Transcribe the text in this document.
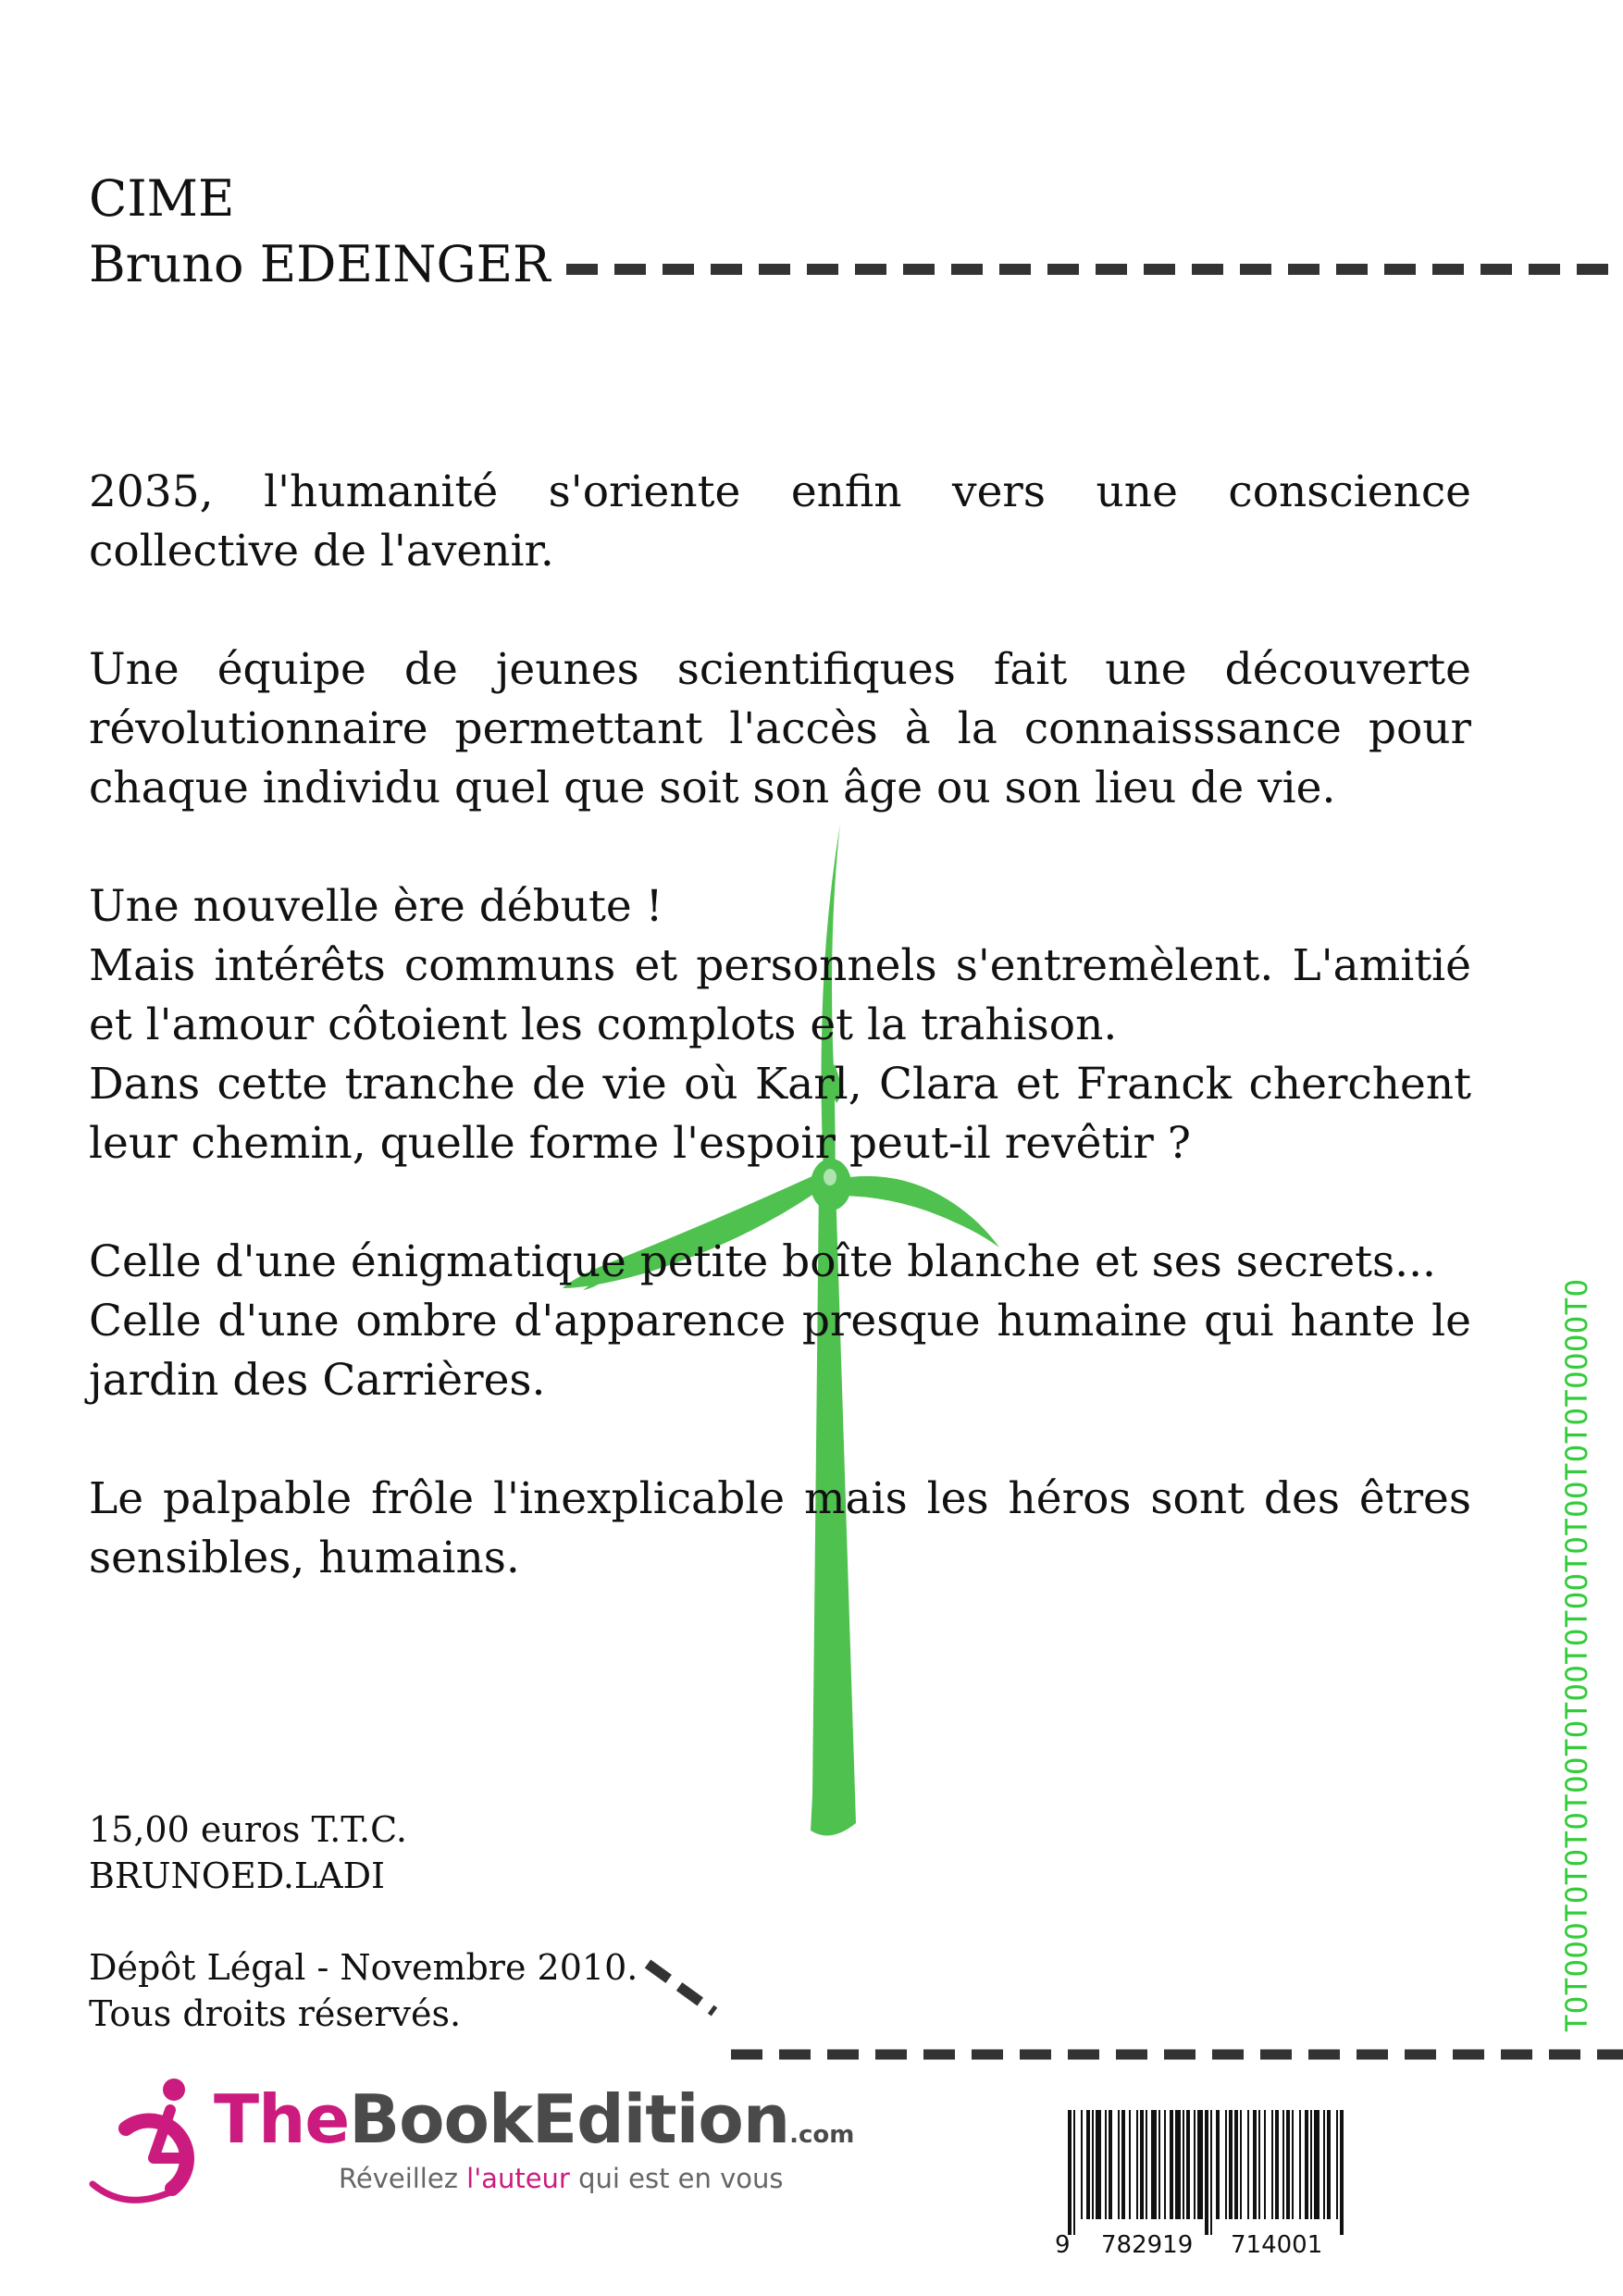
CIME
Bruno EDEINGER

2035, l'humanité s'oriente enfin vers une conscience collective de l'avenir.

Une équipe de jeunes scientifiques fait une découverte révolutionnaire permettant l'accès à la connaisssance pour chaque individu quel que soit son âge ou son lieu de vie.

Une nouvelle ère débute !
Mais intérêts communs et personnels s'entremèlent. L'amitié et l'amour côtoient les complots et la trahison.
Dans cette tranche de vie où Karl, Clara et Franck cherchent leur chemin, quelle forme l'espoir peut-il revêtir ?

Celle d'une énigmatique petite boîte blanche et ses secrets...
Celle d'une ombre d'apparence presque humaine qui hante le jardin des Carrières.

Le palpable frôle l'inexplicable mais les héros sont des êtres sensibles, humains.

15,00 euros T.T.C.
BRUNOED.LADI
Dépôt Légal - Novembre 2010.
Tous droits réservés.	TOTOOOTOTOTOTOOTOTOOTOTOOTOTOOTOTOTOOOOTO
TheBookEdition.com
Réveillez l'auteur qui est en vous
9 782919 714001
